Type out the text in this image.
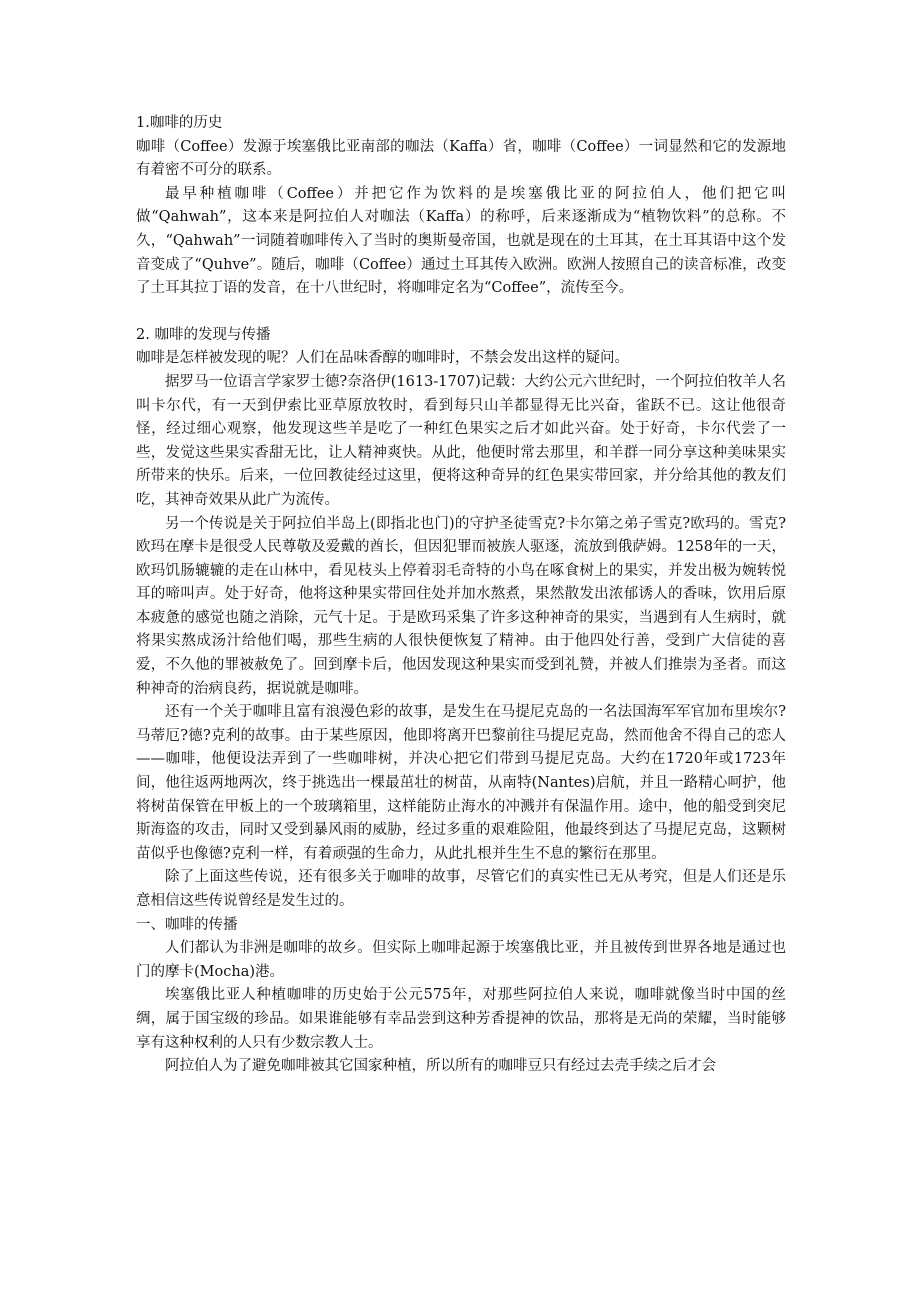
1.咖啡的历史

咖啡（Coffee）发源于埃塞俄比亚南部的咖法（Kaffa）省，咖啡（Coffee）一词显然和它的发源地有着密不可分的联系。

最早种植咖啡（Coffee）并把它作为饮料的是埃塞俄比亚的阿拉伯人，他们把它叫做“Qahwah”，这本来是阿拉伯人对咖法（Kaffa）的称呼，后来逐渐成为“植物饮料”的总称。不久，“Qahwah”一词随着咖啡传入了当时的奥斯曼帝国，也就是现在的土耳其，在土耳其语中这个发音变成了“Quhve”。随后，咖啡（Coffee）通过土耳其传入欧洲。欧洲人按照自己的读音标准，改变了土耳其拉丁语的发音，在十八世纪时，将咖啡定名为“Coffee”，流传至今。

2. 咖啡的发现与传播

咖啡是怎样被发现的呢？人们在品味香醇的咖啡时，不禁会发出这样的疑问。

据罗马一位语言学家罗士德?奈洛伊(1613-1707)记载：大约公元六世纪时，一个阿拉伯牧羊人名叫卡尔代，有一天到伊索比亚草原放牧时，看到每只山羊都显得无比兴奋，雀跃不已。这让他很奇怪，经过细心观察，他发现这些羊是吃了一种红色果实之后才如此兴奋。处于好奇，卡尔代尝了一些，发觉这些果实香甜无比，让人精神爽快。从此，他便时常去那里，和羊群一同分享这种美味果实所带来的快乐。后来，一位回教徒经过这里，便将这种奇异的红色果实带回家，并分给其他的教友们吃，其神奇效果从此广为流传。

另一个传说是关于阿拉伯半岛上(即指北也门)的守护圣徒雪克?卡尔第之弟子雪克?欧玛的。雪克?欧玛在摩卡是很受人民尊敬及爱戴的酋长，但因犯罪而被族人驱逐，流放到俄萨姆。1258年的一天，欧玛饥肠辘辘的走在山林中，看见枝头上停着羽毛奇特的小鸟在啄食树上的果实，并发出极为婉转悦耳的啼叫声。处于好奇，他将这种果实带回住处并加水熬煮，果然散发出浓郁诱人的香味，饮用后原本疲惫的感觉也随之消除，元气十足。于是欧玛采集了许多这种神奇的果实，当遇到有人生病时，就将果实熬成汤汁给他们喝，那些生病的人很快便恢复了精神。由于他四处行善，受到广大信徒的喜爱，不久他的罪被赦免了。回到摩卡后，他因发现这种果实而受到礼赞，并被人们推崇为圣者。而这种神奇的治病良药，据说就是咖啡。

还有一个关于咖啡且富有浪漫色彩的故事，是发生在马提尼克岛的一名法国海军军官加布里埃尔?马蒂厄?德?克利的故事。由于某些原因，他即将离开巴黎前往马提尼克岛，然而他舍不得自己的恋人——咖啡，他便设法弄到了一些咖啡树，并决心把它们带到马提尼克岛。大约在1720年或1723年间，他往返两地两次，终于挑选出一棵最茁壮的树苗，从南特(Nantes)启航，并且一路精心呵护，他将树苗保管在甲板上的一个玻璃箱里，这样能防止海水的冲溅并有保温作用。途中，他的船受到突尼斯海盗的攻击，同时又受到暴风雨的威胁，经过多重的艰难险阻，他最终到达了马提尼克岛，这颗树苗似乎也像德?克利一样，有着顽强的生命力，从此扎根并生生不息的繁衍在那里。

除了上面这些传说，还有很多关于咖啡的故事，尽管它们的真实性已无从考究，但是人们还是乐意相信这些传说曾经是发生过的。

一、咖啡的传播

人们都认为非洲是咖啡的故乡。但实际上咖啡起源于埃塞俄比亚，并且被传到世界各地是通过也门的摩卡(Mocha)港。

埃塞俄比亚人种植咖啡的历史始于公元575年，对那些阿拉伯人来说，咖啡就像当时中国的丝绸，属于国宝级的珍品。如果谁能够有幸品尝到这种芳香提神的饮品，那将是无尚的荣耀，当时能够享有这种权利的人只有少数宗教人士。

阿拉伯人为了避免咖啡被其它国家种植，所以所有的咖啡豆只有经过去壳手续之后才会
